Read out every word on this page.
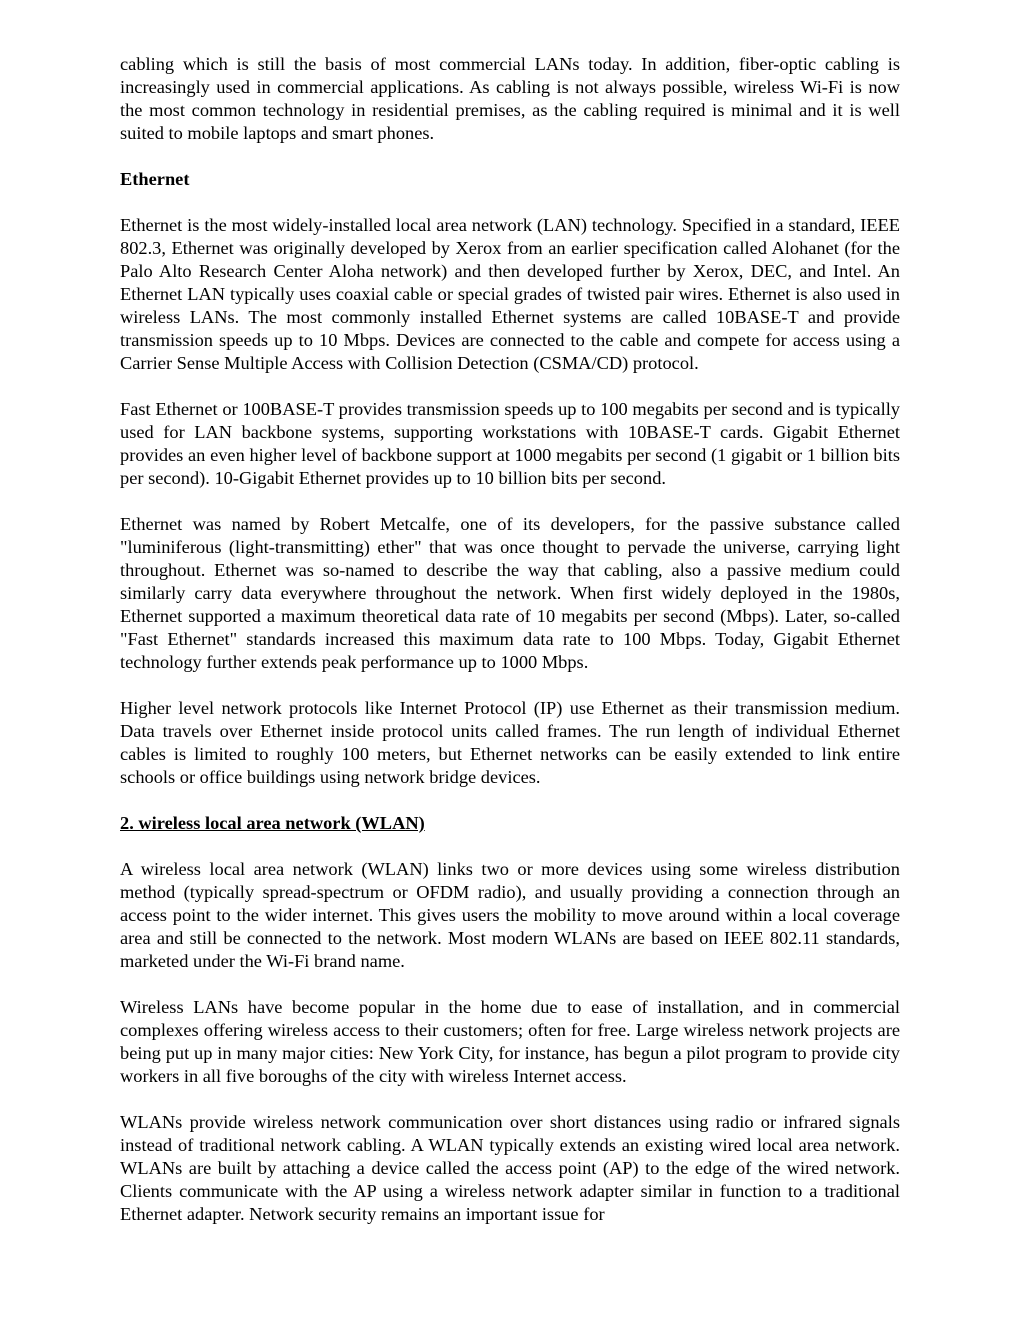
cabling which is still the basis of most commercial LANs today. In addition, fiber-optic cabling is increasingly used in commercial applications. As cabling is not always possible, wireless Wi-Fi is now the most common technology in residential premises, as the cabling required is minimal and it is well suited to mobile laptops and smart phones.

Ethernet

Ethernet is the most widely-installed local area network (LAN) technology. Specified in a standard, IEEE 802.3, Ethernet was originally developed by Xerox from an earlier specification called Alohanet (for the Palo Alto Research Center Aloha network) and then developed further by Xerox, DEC, and Intel. An Ethernet LAN typically uses coaxial cable or special grades of twisted pair wires. Ethernet is also used in wireless LANs. The most commonly installed Ethernet systems are called 10BASE-T and provide transmission speeds up to 10 Mbps. Devices are connected to the cable and compete for access using a Carrier Sense Multiple Access with Collision Detection (CSMA/CD) protocol.

Fast Ethernet or 100BASE-T provides transmission speeds up to 100 megabits per second and is typically used for LAN backbone systems, supporting workstations with 10BASE-T cards. Gigabit Ethernet provides an even higher level of backbone support at 1000 megabits per second (1 gigabit or 1 billion bits per second). 10-Gigabit Ethernet provides up to 10 billion bits per second.

Ethernet was named by Robert Metcalfe, one of its developers, for the passive substance called "luminiferous (light-transmitting) ether" that was once thought to pervade the universe, carrying light throughout. Ethernet was so-named to describe the way that cabling, also a passive medium could similarly carry data everywhere throughout the network. When first widely deployed in the 1980s, Ethernet supported a maximum theoretical data rate of 10 megabits per second (Mbps). Later, so-called "Fast Ethernet" standards increased this maximum data rate to 100 Mbps. Today, Gigabit Ethernet technology further extends peak performance up to 1000 Mbps.

Higher level network protocols like Internet Protocol (IP) use Ethernet as their transmission medium. Data travels over Ethernet inside protocol units called frames. The run length of individual Ethernet cables is limited to roughly 100 meters, but Ethernet networks can be easily extended to link entire schools or office buildings using network bridge devices.

2. wireless local area network (WLAN)

A wireless local area network (WLAN) links two or more devices using some wireless distribution method (typically spread-spectrum or OFDM radio), and usually providing a connection through an access point to the wider internet. This gives users the mobility to move around within a local coverage area and still be connected to the network. Most modern WLANs are based on IEEE 802.11 standards, marketed under the Wi-Fi brand name.

Wireless LANs have become popular in the home due to ease of installation, and in commercial complexes offering wireless access to their customers; often for free. Large wireless network projects are being put up in many major cities: New York City, for instance, has begun a pilot program to provide city workers in all five boroughs of the city with wireless Internet access.

WLANs provide wireless network communication over short distances using radio or infrared signals instead of traditional network cabling. A WLAN typically extends an existing wired local area network. WLANs are built by attaching a device called the access point (AP) to the edge of the wired network. Clients communicate with the AP using a wireless network adapter similar in function to a traditional Ethernet adapter. Network security remains an important issue for
